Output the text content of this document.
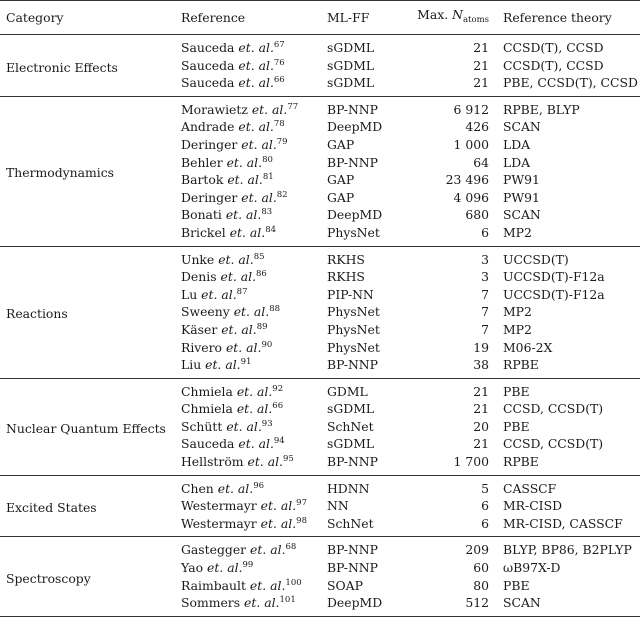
Category	Reference	ML-FF	Max. $N_{atoms}$	Reference theory
Electronic Effects	Sauceda et. al.$^{67}$	sGDML	21	CCSD(T), CCSD
	Sauceda et. al.$^{76}$	sGDML	21	CCSD(T), CCSD
	Sauceda et. al.$^{66}$	sGDML	21	PBE, CCSD(T), CCSD
Thermodynamics	Morawietz et. al.$^{77}$	BP-NNP	6 912	RPBE, BLYP
	Andrade et. al.$^{78}$	DeepMD	426	SCAN
	Deringer et. al.$^{79}$	GAP	1 000	LDA
	Behler et. al.$^{80}$	BP-NNP	64	LDA
	Bartok et. al.$^{81}$	GAP	23 496	PW91
	Deringer et. al.$^{82}$	GAP	4 096	PW91
	Bonati et. al.$^{83}$	DeepMD	680	SCAN
	Brickel et. al.$^{84}$	PhysNet	6	MP2
Reactions	Unke et. al.$^{85}$	RKHS	3	UCCSD(T)
	Denis et. al.$^{86}$	RKHS	3	UCCSD(T)-F12a
	Lu et. al.$^{87}$	PIP-NN	7	UCCSD(T)-F12a
	Sweeny et. al.$^{88}$	PhysNet	7	MP2
	Käser et. al.$^{89}$	PhysNet	7	MP2
	Rivero et. al.$^{90}$	PhysNet	19	M06-2X
	Liu et. al.$^{91}$	BP-NNP	38	RPBE
Nuclear Quantum Effects	Chmiela et. al.$^{92}$	GDML	21	PBE
	Chmiela et. al.$^{66}$	sGDML	21	CCSD, CCSD(T)
	Schütt et. al.$^{93}$	SchNet	20	PBE
	Sauceda et. al.$^{94}$	sGDML	21	CCSD, CCSD(T)
	Hellström et. al.$^{95}$	BP-NNP	1 700	RPBE
Excited States	Chen et. al.$^{96}$	HDNN	5	CASSCF
	Westermayr et. al.$^{97}$	NN	6	MR-CISD
	Westermayr et. al.$^{98}$	SchNet	6	MR-CISD, CASSCF
Spectroscopy	Gastegger et. al.$^{68}$	BP-NNP	209	BLYP, BP86, B2PLYP
	Yao et. al.$^{99}$	BP-NNP	60	ωB97X-D
	Raimbault et. al.$^{100}$	SOAP	80	PBE
	Sommers et. al.$^{101}$	DeepMD	512	SCAN
